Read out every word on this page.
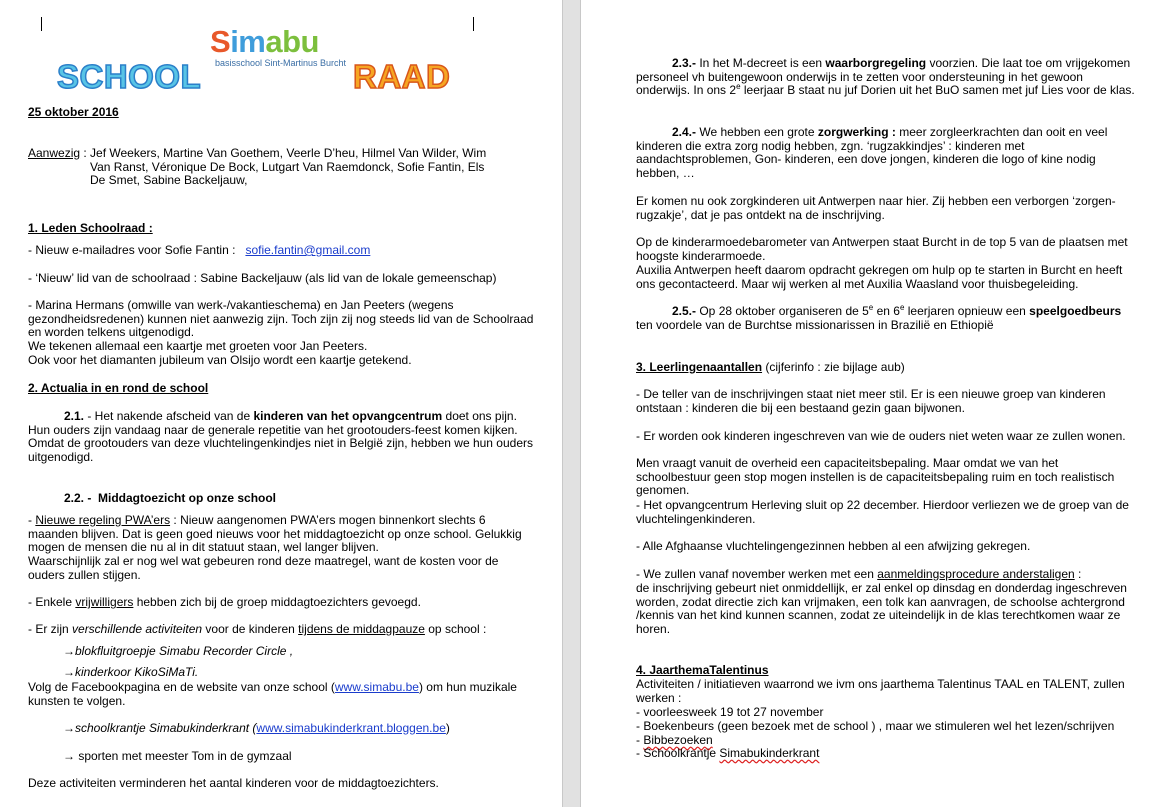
Simabu
basisschool Sint-Martinus Burcht
SCHOOL	RAAD

25 oktober 2016

Aanwezig : Jef Weekers, Martine Van Goethem, Veerle D’heu, Hilmel Van Wilder, Wim
Van Ranst, Véronique De Bock, Lutgart Van Raemdonck, Sofie Fantin, Els
De Smet, Sabine Backeljauw,

1. Leden Schoolraad :

- Nieuw e-mailadres voor Sofie Fantin : sofie.fantin@gmail.com

- ‘Nieuw’ lid van de schoolraad : Sabine Backeljauw (als lid van de lokale gemeenschap)

- Marina Hermans (omwille van werk-/vakantieschema) en Jan Peeters (wegens gezondheidsredenen) kunnen niet aanwezig zijn. Toch zijn zij nog steeds lid van de Schoolraad en worden telkens uitgenodigd.

We tekenen allemaal een kaartje met groeten voor Jan Peeters.

Ook voor het diamanten jubileum van Olsijo wordt een kaartje getekend.

2. Actualia in en rond de school

2.1. - Het nakende afscheid van de kinderen van het opvangcentrum doet ons pijn. Hun ouders zijn vandaag naar de generale repetitie van het grootouders-feest komen kijken. Omdat de grootouders van deze vluchtelingenkindjes niet in België zijn, hebben we hun ouders uitgenodigd.

2.2. -  Middagtoezicht op onze school

- Nieuwe regeling PWA’ers : Nieuw aangenomen PWA’ers mogen binnenkort slechts 6 maanden blijven. Dat is geen goed nieuws voor het middagtoezicht op onze school. Gelukkig mogen de mensen die nu al in dit statuut staan, wel langer blijven.

Waarschijnlijk zal er nog wel wat gebeuren rond deze maatregel, want de kosten voor de ouders zullen stijgen.

- Enkele vrijwilligers hebben zich bij de groep middagtoezichters gevoegd.

- Er zijn verschillende activiteiten voor de kinderen tijdens de middagpauze op school :

→blokfluitgroepje Simabu Recorder Circle ,

→kinderkoor KikoSiMaTi.

Volg de Facebookpagina en de website van onze school (www.simabu.be) om hun muzikale kunsten te volgen.

→schoolkrantje Simabukinderkrant (www.simabukinderkrant.bloggen.be)

→ sporten met meester Tom in de gymzaal

Deze activiteiten verminderen het aantal kinderen voor de middagtoezichters.

2.3.- In het M-decreet is een waarborgregeling voorzien. Die laat toe om vrijgekomen personeel vh buitengewoon onderwijs in te zetten voor ondersteuning in het gewoon onderwijs. In ons 2e leerjaar B staat nu juf Dorien uit het BuO samen met juf Lies voor de klas.

2.4.- We hebben een grote zorgwerking : meer zorgleerkrachten dan ooit en veel kinderen die extra zorg nodig hebben, zgn. ‘rugzakkindjes’ : kinderen met aandachtsproblemen, Gon- kinderen, een dove jongen, kinderen die logo of kine nodig hebben, …

Er komen nu ook zorgkinderen uit Antwerpen naar hier. Zij hebben een verborgen ‘zorgen-rugzakje’, dat je pas ontdekt na de inschrijving.

Op de kinderarmoedebarometer van Antwerpen staat Burcht in de top 5 van de plaatsen met hoogste kinderarmoede.

Auxilia Antwerpen heeft daarom opdracht gekregen om hulp op te starten in Burcht en heeft ons gecontacteerd. Maar wij werken al met Auxilia Waasland voor thuisbegeleiding.

2.5.- Op 28 oktober organiseren de 5e en 6e leerjaren opnieuw een speelgoedbeurs ten voordele van de Burchtse missionarissen in Brazilië en Ethiopië

3. Leerlingenaantallen (cijferinfo : zie bijlage aub)

- De teller van de inschrijvingen staat niet meer stil. Er is een nieuwe groep van kinderen ontstaan : kinderen die bij een bestaand gezin gaan bijwonen.

- Er worden ook kinderen ingeschreven van wie de ouders niet weten waar ze zullen wonen.

Men vraagt vanuit de overheid een capaciteitsbepaling. Maar omdat we van het schoolbestuur geen stop mogen instellen is de capaciteitsbepaling ruim en toch realistisch genomen.

- Het opvangcentrum Herleving sluit op 22 december. Hierdoor verliezen we de groep van de vluchtelingenkinderen.

- Alle Afghaanse vluchtelingengezinnen hebben al een afwijzing gekregen.

- We zullen vanaf november werken met een aanmeldingsprocedure anderstaligen :

de inschrijving gebeurt niet onmiddellijk, er zal enkel op dinsdag en donderdag ingeschreven worden, zodat directie zich kan vrijmaken, een tolk kan aanvragen, de schoolse achtergrond /kennis van het kind kunnen scannen, zodat ze uiteindelijk in de klas terechtkomen waar ze horen.

4. JaarthemaTalentinus

Activiteiten / initiatieven waarrond we ivm ons jaarthema Talentinus TAAL en TALENT, zullen werken :

- voorleesweek 19 tot 27 november

- Boekenbeurs (geen bezoek met de school ) , maar we stimuleren wel het lezen/schrijven

- Bibbezoeken

- Schoolkrantje Simabukinderkrant
